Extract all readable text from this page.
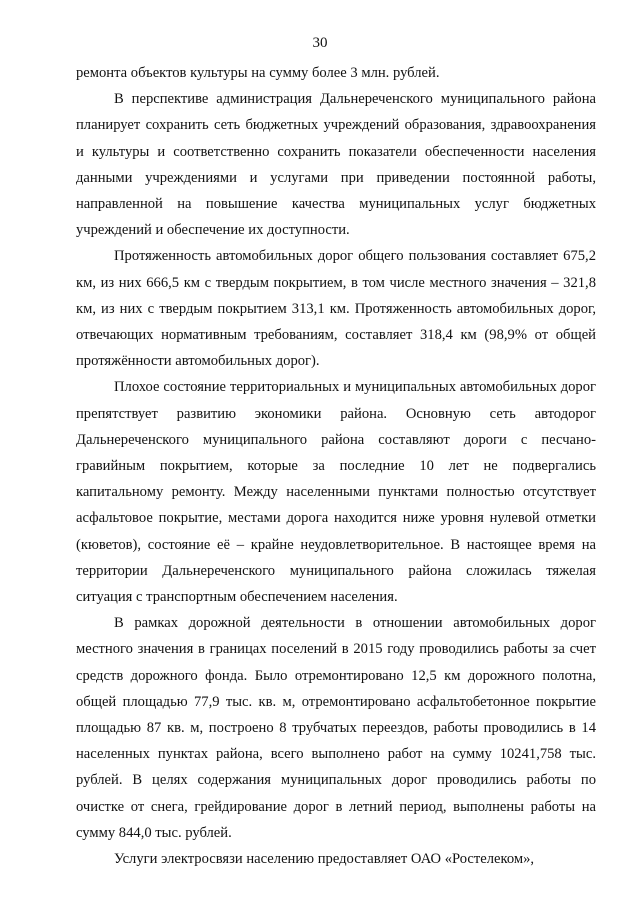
30

ремонта объектов культуры на сумму более 3 млн. рублей.

В перспективе администрация Дальнереченского муниципального района планирует сохранить сеть бюджетных учреждений образования, здравоохранения и культуры и соответственно сохранить показатели обеспеченности населения данными учреждениями и услугами при приведении постоянной работы, направленной на повышение качества муниципальных услуг бюджетных учреждений и обеспечение их доступности.

Протяженность автомобильных дорог общего пользования составляет 675,2 км, из них 666,5 км с твердым покрытием, в том числе местного значения – 321,8 км, из них с твердым покрытием 313,1 км. Протяженность автомобильных дорог, отвечающих нормативным требованиям, составляет 318,4 км (98,9% от общей протяжённости автомобильных дорог).

Плохое состояние территориальных и муниципальных автомобильных дорог препятствует развитию экономики района. Основную сеть автодорог Дальнереченского муниципального района составляют дороги с песчано-гравийным покрытием, которые за последние 10 лет не подвергались капитальному ремонту. Между населенными пунктами полностью отсутствует асфальтовое покрытие, местами дорога находится ниже уровня нулевой отметки (кюветов), состояние её – крайне неудовлетворительное. В настоящее время на территории Дальнереченского муниципального района сложилась тяжелая ситуация с транспортным обеспечением населения.

В рамках дорожной деятельности в отношении автомобильных дорог местного значения в границах поселений в 2015 году проводились работы за счет средств дорожного фонда. Было отремонтировано 12,5 км дорожного полотна, общей площадью 77,9 тыс. кв. м, отремонтировано асфальтобетонное покрытие площадью 87 кв. м, построено 8 трубчатых переездов, работы проводились в 14 населенных пунктах района, всего выполнено работ на сумму 10241,758 тыс. рублей. В целях содержания муниципальных дорог проводились работы по очистке от снега, грейдирование дорог в летний период, выполнены работы на сумму 844,0 тыс. рублей.

Услуги электросвязи населению предоставляет ОАО «Ростелеком»,
